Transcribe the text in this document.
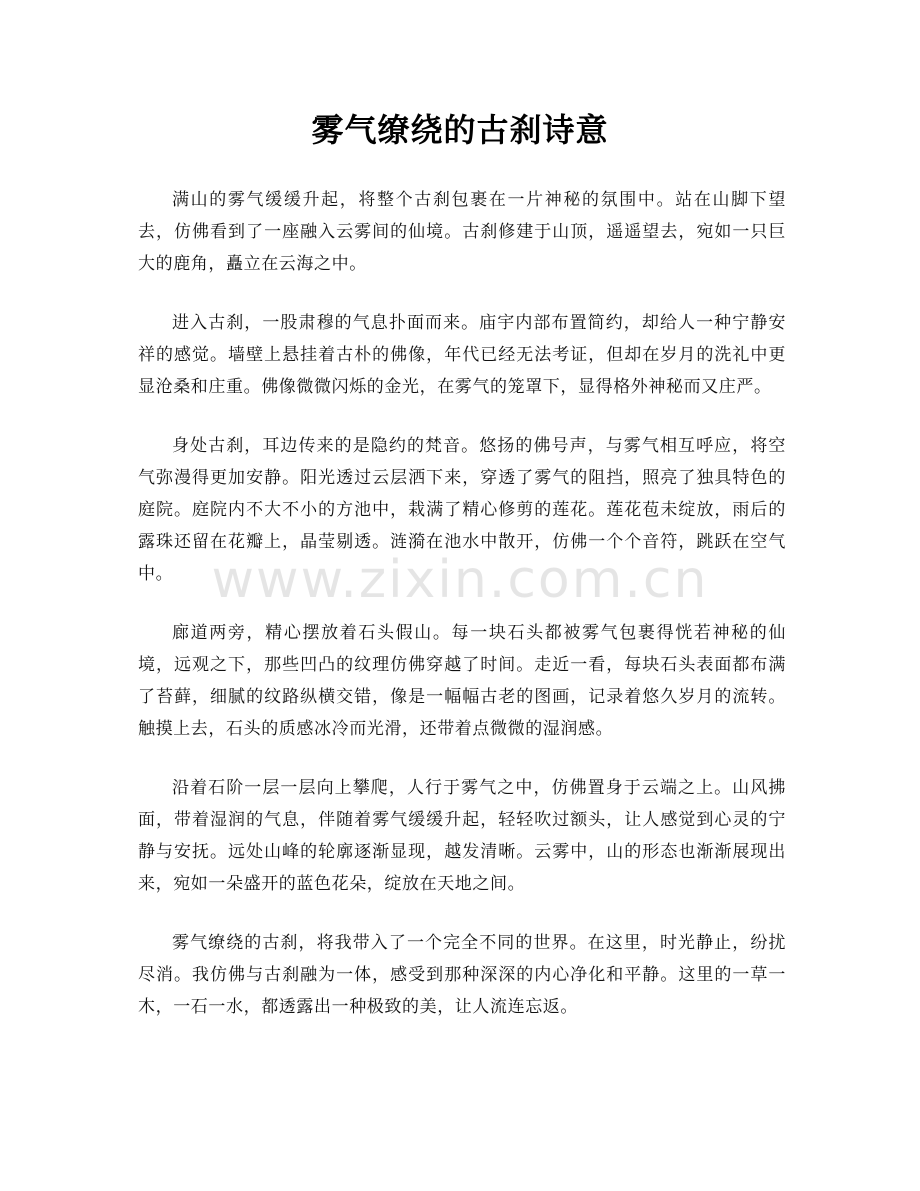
雾气缭绕的古刹诗意

满山的雾气缓缓升起，将整个古刹包裹在一片神秘的氛围中。站在山脚下望去，仿佛看到了一座融入云雾间的仙境。古刹修建于山顶，遥遥望去，宛如一只巨大的鹿角，矗立在云海之中。

进入古刹，一股肃穆的气息扑面而来。庙宇内部布置简约，却给人一种宁静安祥的感觉。墙壁上悬挂着古朴的佛像，年代已经无法考证，但却在岁月的洗礼中更显沧桑和庄重。佛像微微闪烁的金光，在雾气的笼罩下，显得格外神秘而又庄严。

身处古刹，耳边传来的是隐约的梵音。悠扬的佛号声，与雾气相互呼应，将空气弥漫得更加安静。阳光透过云层洒下来，穿透了雾气的阻挡，照亮了独具特色的庭院。庭院内不大不小的方池中，栽满了精心修剪的莲花。莲花苞未绽放，雨后的露珠还留在花瓣上，晶莹剔透。涟漪在池水中散开，仿佛一个个音符，跳跃在空气中。

廊道两旁，精心摆放着石头假山。每一块石头都被雾气包裹得恍若神秘的仙境，远观之下，那些凹凸的纹理仿佛穿越了时间。走近一看，每块石头表面都布满了苔藓，细腻的纹路纵横交错，像是一幅幅古老的图画，记录着悠久岁月的流转。触摸上去，石头的质感冰冷而光滑，还带着点微微的湿润感。

沿着石阶一层一层向上攀爬，人行于雾气之中，仿佛置身于云端之上。山风拂面，带着湿润的气息，伴随着雾气缓缓升起，轻轻吹过额头，让人感觉到心灵的宁静与安抚。远处山峰的轮廓逐渐显现，越发清晰。云雾中，山的形态也渐渐展现出来，宛如一朵盛开的蓝色花朵，绽放在天地之间。

雾气缭绕的古刹，将我带入了一个完全不同的世界。在这里，时光静止，纷扰尽消。我仿佛与古刹融为一体，感受到那种深深的内心净化和平静。这里的一草一木，一石一水，都透露出一种极致的美，让人流连忘返。

www.zixin.com.cn
